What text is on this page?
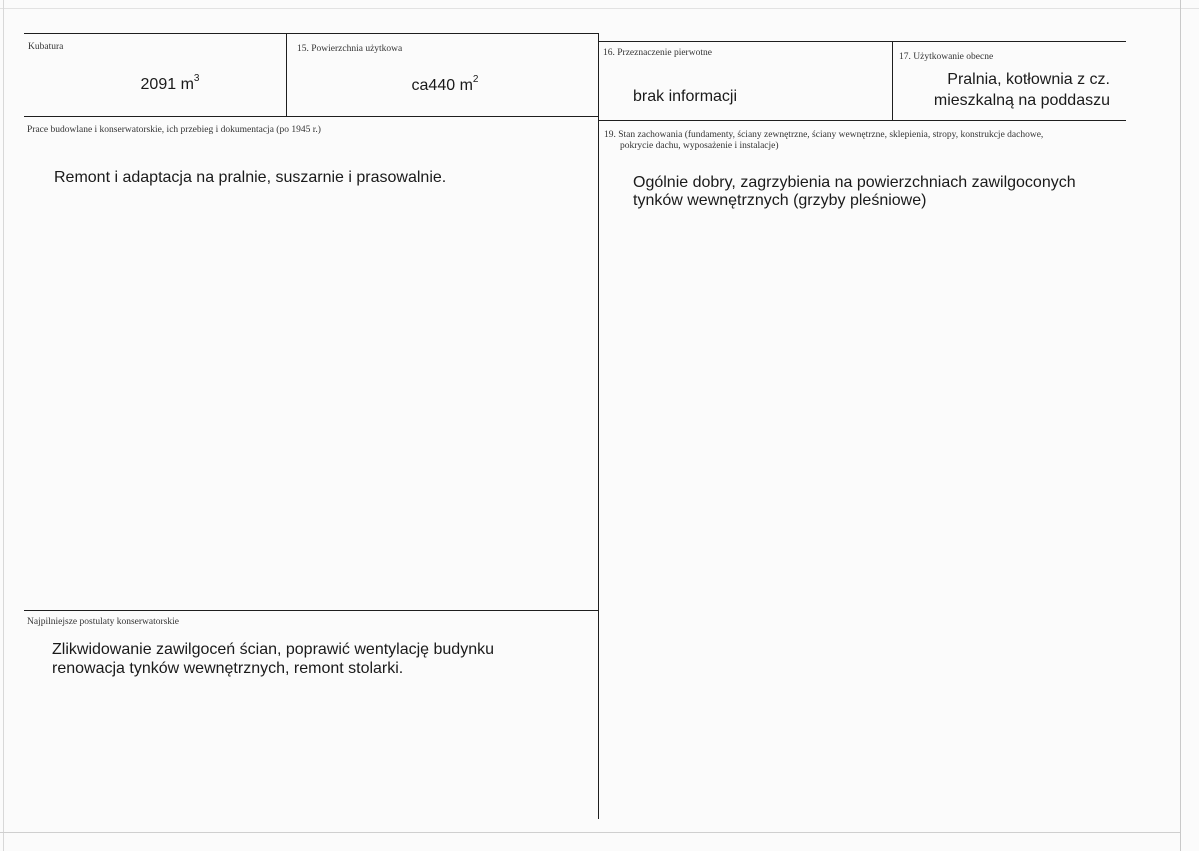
Kubatura
2091 $m^3$
15. Powierzchnia użytkowa
ca440 $m^2$
16. Przeznaczenie pierwotne
brak informacji
17. Użytkowanie obecne
Pralnia, kotłownia z cz.
mieszkalną na poddaszu
Prace budowlane i konserwatorskie, ich przebieg i dokumentacja (po 1945 r.)
Remont i adaptacja na pralnie, suszarnie i prasowalnie.
19. Stan zachowania (fundamenty, ściany zewnętrzne, ściany wewnętrzne, sklepienia, stropy, konstrukcje dachowe,
pokrycie dachu, wyposażenie i instalacje)
Ogólnie dobry, zagrzybienia na powierzchniach zawilgoconych
tynków wewnętrznych (grzyby pleśniowe)
Najpilniejsze postulaty konserwatorskie
Zlikwidowanie zawilgoceń ścian, poprawić wentylację budynku
renowacja tynków wewnętrznych, remont stolarki.
